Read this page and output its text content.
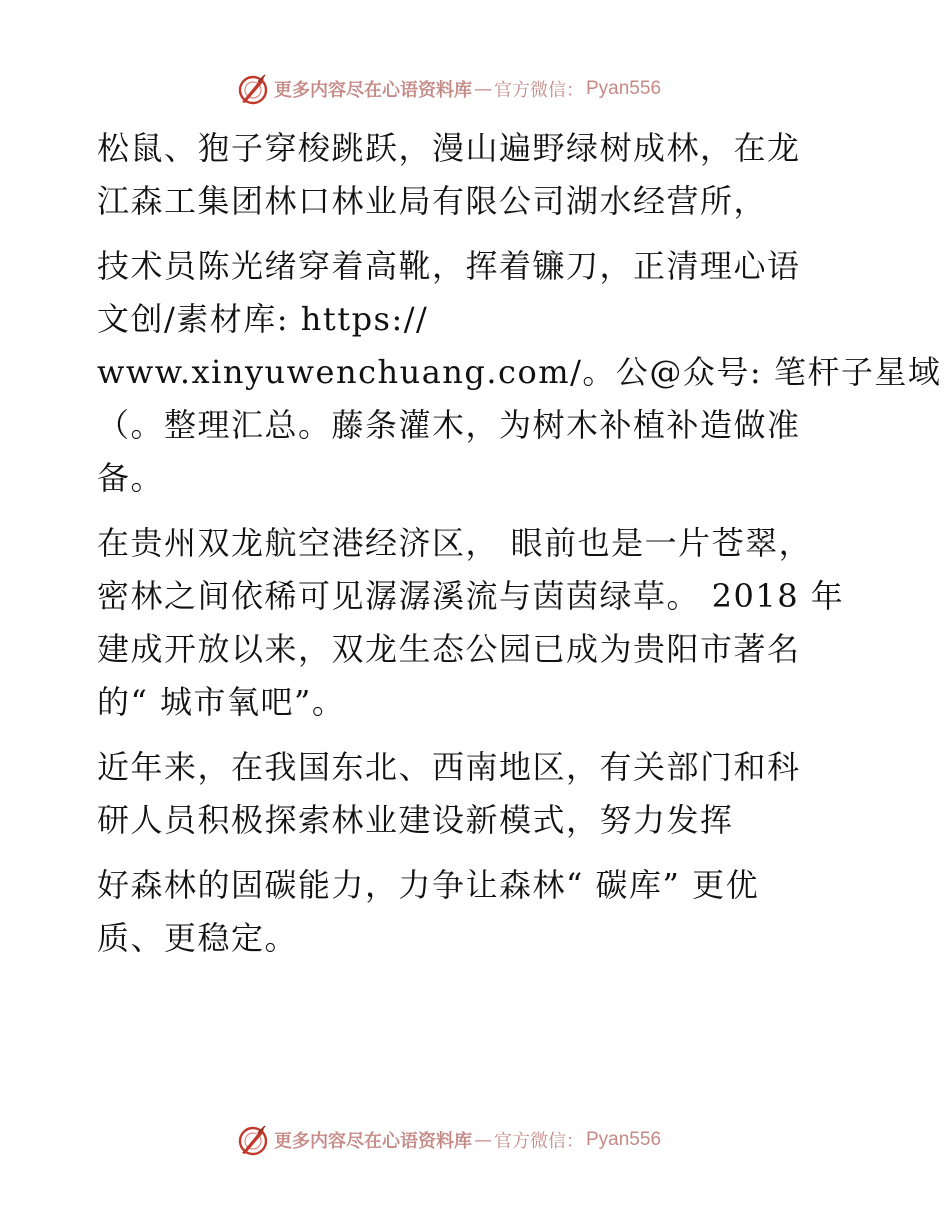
更多内容尽在心语资料库 — 官方微信： Pyan556

松鼠、狍子穿梭跳跃，漫山遍野绿树成林，在龙
江森工集团林口林业局有限公司湖水经营所，

技术员陈光绪穿着高靴，挥着镰刀，正清理心语
文创/素材库: https://
www.xinyuwenchuang.com/。公@众号: 笔杆子星域
（。整理汇总。藤条灌木，为树木补植补造做准
备。

在贵州双龙航空港经济区， 眼前也是一片苍翠，
密林之间依稀可见潺潺溪流与茵茵绿草。 2018 年
建成开放以来，双龙生态公园已成为贵阳市著名
的“ 城市氧吧”。

近年来，在我国东北、西南地区，有关部门和科
研人员积极探索林业建设新模式，努力发挥

好森林的固碳能力，力争让森林“ 碳库” 更优
质、更稳定。

更多内容尽在心语资料库 — 官方微信： Pyan556
